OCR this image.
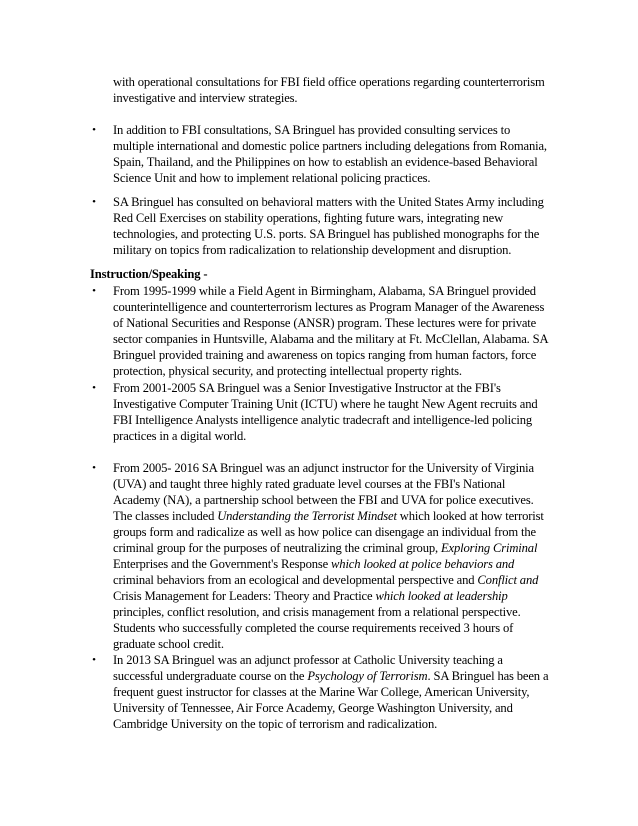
with operational consultations for FBI field office operations regarding counterterrorism
investigative and interview strategies.
• In addition to FBI consultations, SA Bringuel has provided consulting services to
multiple international and domestic police partners including delegations from Romania,
Spain, Thailand, and the Philippines on how to establish an evidence-based Behavioral
Science Unit and how to implement relational policing practices.
• SA Bringuel has consulted on behavioral matters with the United States Army including
Red Cell Exercises on stability operations, fighting future wars, integrating new
technologies, and protecting U.S. ports. SA Bringuel has published monographs for the
military on topics from radicalization to relationship development and disruption.
Instruction/Speaking -
• From 1995-1999 while a Field Agent in Birmingham, Alabama, SA Bringuel provided
counterintelligence and counterterrorism lectures as Program Manager of the Awareness
of National Securities and Response (ANSR) program. These lectures were for private
sector companies in Huntsville, Alabama and the military at Ft. McClellan, Alabama. SA
Bringuel provided training and awareness on topics ranging from human factors, force
protection, physical security, and protecting intellectual property rights.
• From 2001-2005 SA Bringuel was a Senior Investigative Instructor at the FBI's
Investigative Computer Training Unit (ICTU) where he taught New Agent recruits and
FBI Intelligence Analysts intelligence analytic tradecraft and intelligence-led policing
practices in a digital world.
• From 2005- 2016 SA Bringuel was an adjunct instructor for the University of Virginia
(UVA) and taught three highly rated graduate level courses at the FBI's National
Academy (NA), a partnership school between the FBI and UVA for police executives.
The classes included Understanding the Terrorist Mindset which looked at how terrorist
groups form and radicalize as well as how police can disengage an individual from the
criminal group for the purposes of neutralizing the criminal group, Exploring Criminal
Enterprises and the Government's Response which looked at police behaviors and
criminal behaviors from an ecological and developmental perspective and Conflict and
Crisis Management for Leaders: Theory and Practice which looked at leadership
principles, conflict resolution, and crisis management from a relational perspective.
Students who successfully completed the course requirements received 3 hours of
graduate school credit.
• In 2013 SA Bringuel was an adjunct professor at Catholic University teaching a
successful undergraduate course on the Psychology of Terrorism. SA Bringuel has been a
frequent guest instructor for classes at the Marine War College, American University,
University of Tennessee, Air Force Academy, George Washington University, and
Cambridge University on the topic of terrorism and radicalization.
